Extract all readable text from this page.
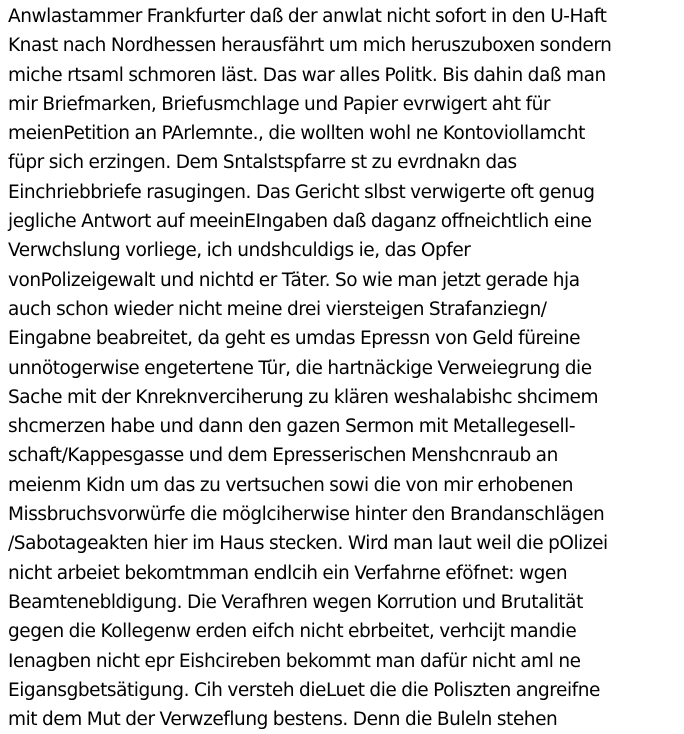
Anwlastammer Frankfurter daß der anwlat nicht sofort in den U-Haft
Knast nach Nordhessen herausfährt um mich heruszuboxen sondern
miche rtsaml schmoren läst. Das war alles Politk. Bis dahin daß man
mir Briefmarken, Briefusmchlage und Papier evrwigert aht für
meienPetition an PArlemnte., die wollten wohl ne Kontoviollamcht
füpr sich erzingen. Dem Sntalstspfarre st zu evrdnakn das
Einchriebbriefe rasugingen. Das Gericht slbst verwigerte oft genug
jegliche Antwort auf meeinEIngaben daß daganz offneichtlich eine
Verwchslung vorliege, ich undshculdigs ie, das Opfer
vonPolizeigewalt und nichtd er Täter. So wie man jetzt gerade hja
auch schon wieder nicht meine drei viersteigen Strafanziegn/
Eingabne beabreitet, da geht es umdas Epressn von Geld füreine
unnötogerwise engetertene Tür, die hartnäckige Verweiegrung die
Sache mit der Knreknverciherung zu klären weshalabishc shcimem
shcmerzen habe und dann den gazen Sermon mit Metallegesell-
schaft/Kappesgasse und dem Epresserischen Menshcnraub an
meienm Kidn um das zu vertsuchen sowi die von mir erhobenen
Missbruchsvorwürfe die möglciherwise hinter den Brandanschlägen
/Sabotageakten hier im Haus stecken. Wird man laut weil die pOlizei
nicht arbeiet bekomtmman endlcih ein Verfahrne eföfnet: wgen
Beamtenebldigung. Die Verafhren wegen Korrution und Brutalität
gegen die Kollegenw erden eifch nicht ebrbeitet, verhcijt mandie
Ienagben nicht epr Eishcireben bekommt man dafür nicht aml ne
Eigansgbetsätigung. Cih versteh dieLuet die die Poliszten angreifne
mit dem Mut der Verwzeflung bestens. Denn die Buleln stehen
